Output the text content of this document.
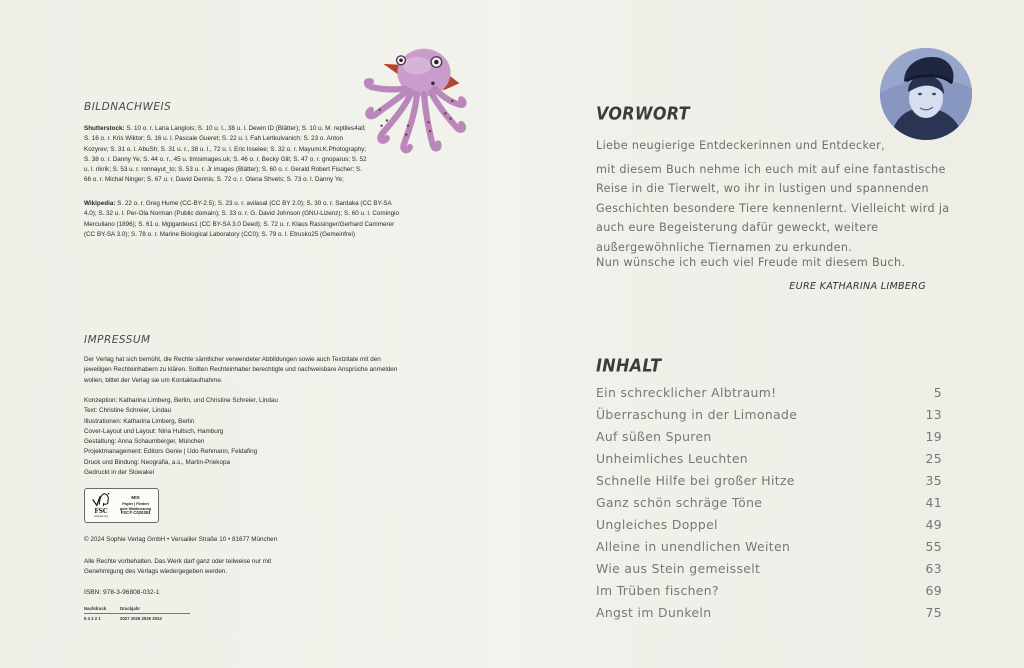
BILDNACHWEIS

Shutterstock: S. 10 o. r. Lana Langlois; S. 10 u. l., 38 u. l. Dewin ID (Blätter); S. 10 u. M. reptiles4all; S. 16 o. r. Kris Wiktor; S. 16 u. l. Pascale Gueret; S. 22 u. l. Fah Lertkulvanich; S. 23 o. Anton Kozyrev; S. 31 o. l. AbuSh; S. 31 u. r., 38 u. l., 72 u. l. Eric Isselee; S. 32 o. r. Mayumi.K.Photography; S. 38 o. r. Danny Ye; S. 44 o. r., 45 u. timsimages.uk; S. 46 o. r. Becky Gill; S. 47 o. r. gnoparus; S. 52 u. l. rikrik; S. 53 u. r. ronnayut_to; S. 53 u. r. Jr images (Blätter); S. 60 o. r. Gerald Robert Fischer; S. 66 o. r. Michal Ninger; S. 67 u. r. David Dennis; S. 72 o. r. Olena Shvets; S. 73 o. l. Danny Ye;

Wikipedia: S. 22 o. r. Greg Hume (CC-BY-2.5); S. 23 u. r. avilasal (CC BY 2.0); S. 30 o. r. Sardaka (CC BY-SA 4.0); S. 32 u. l. Per-Ola Norman (Public domain); S. 33 o. r. G. David Johnson (GNU-Lizenz); S. 60 u. l. Comingio Merculiano (1896); S. 61 u. Mgiganteus1 (CC BY-SA 3.0 Deed); S. 72 u. r. Klaus Rassinger/Gerhard Cammerer (CC BY-SA 3.0); S. 78 o. r. Marine Biological Laboratory (CC0); S. 79 o. l. Etrusko25 (Gemeinfrei)

IMPRESSUM

Der Verlag hat sich bemüht, die Rechte sämtlicher verwendeter Abbildungen sowie auch Textzitate mit den jeweiligen Rechteinhabern zu klären. Sollten Rechteinhaber berechtigte und nachweisbare Ansprüche anmelden wollen, bittet der Verlag sie um Kontaktaufnahme.

Konzeption: Katharina Limberg, Berlin, und Christine Schreier, Lindau
Text: Christine Schreier, Lindau
Illustrationen: Katharina Limberg, Berlin
Cover-Layout und Layout: Nina Hultsch, Hamburg
Gestaltung: Anna Schaumberger, München
Projektmanagement: Editors Genie | Udo Rehmann, Feldafing
Druck und Bindung: Neografia, a.s., Martin-Priekopa
Gedruckt in der Slowakei
FSC
www.fsc.org
MIX
Papier | Fördert
gute Waldnutzung
FSC® C020353

© 2024 Sophie Verlag GmbH • Versailler Straße 10 • 81677 München

Alle Rechte vorbehalten. Das Werk darf ganz oder teilweise nur mit Genehmigung des Verlags wiedergegeben werden.

ISBN: 978-3-96808-032-1

Nachdruck	Druckjahr
5 4 3 2 1	2027 2026 2025 2024
VORWORT

Liebe neugierige Entdeckerinnen und Entdecker,

mit diesem Buch nehme ich euch mit auf eine fantastische Reise in die Tierwelt, wo ihr in lustigen und spannenden Geschichten besondere Tiere kennenlernt. Vielleicht wird ja auch eure Begeisterung dafür geweckt, weitere außergewöhnliche Tiernamen zu erkunden.

Nun wünsche ich euch viel Freude mit diesem Buch.

EURE KATHARINA LIMBERG

INHALT
Ein schrecklicher Albtraum!	5
Überraschung in der Limonade	13
Auf süßen Spuren	19
Unheimliches Leuchten	25
Schnelle Hilfe bei großer Hitze	35
Ganz schön schräge Töne	41
Ungleiches Doppel	49
Alleine in unendlichen Weiten	55
Wie aus Stein gemeisselt	63
Im Trüben fischen?	69
Angst im Dunkeln	75
